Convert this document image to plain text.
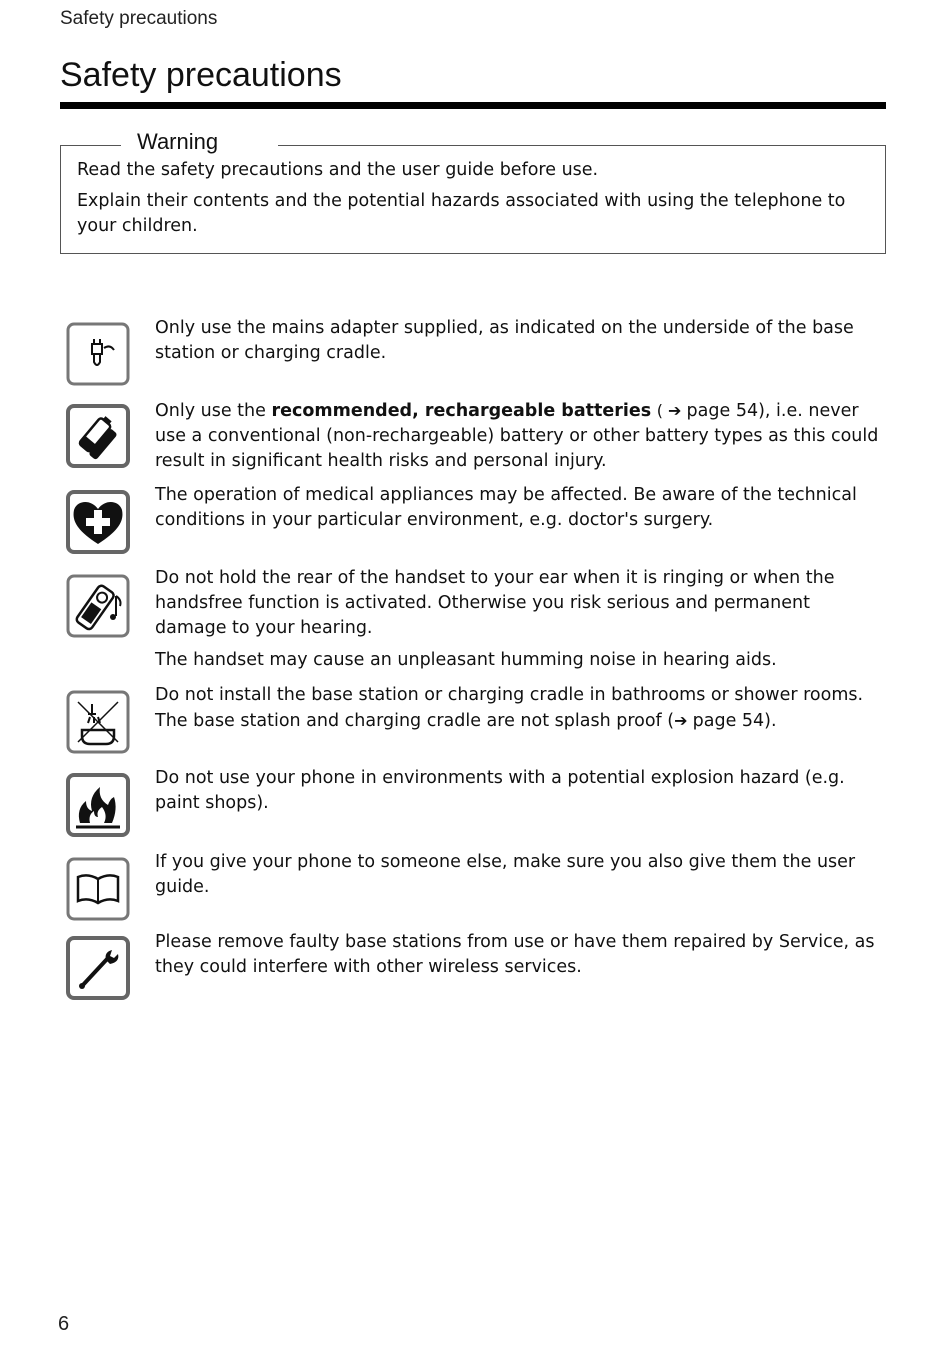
Safety precautions
Safety precautions
Warning

Read the safety precautions and the user guide before use.

Explain their contents and the potential hazards associated with using the telephone to your children.

Only use the mains adapter supplied, as indicated on the underside of the base station or charging cradle.

Only use the recommended, rechargeable batteries ( ➔ page 54), i.e. never use a conventional (non-rechargeable) battery or other battery types as this could result in significant health risks and personal injury.

The operation of medical appliances may be affected. Be aware of the technical conditions in your particular environment, e.g. doctor's surgery.

Do not hold the rear of the handset to your ear when it is ringing or when the handsfree function is activated. Otherwise you risk serious and permanent damage to your hearing.

The handset may cause an unpleasant humming noise in hearing aids.

Do not install the base station or charging cradle in bathrooms or shower rooms. The base station and charging cradle are not splash proof (➔ page 54).

Do not use your phone in environments with a potential explosion hazard (e.g. paint shops).

If you give your phone to someone else, make sure you also give them the user guide.

Please remove faulty base stations from use or have them repaired by Service, as they could interfere with other wireless services.

6
